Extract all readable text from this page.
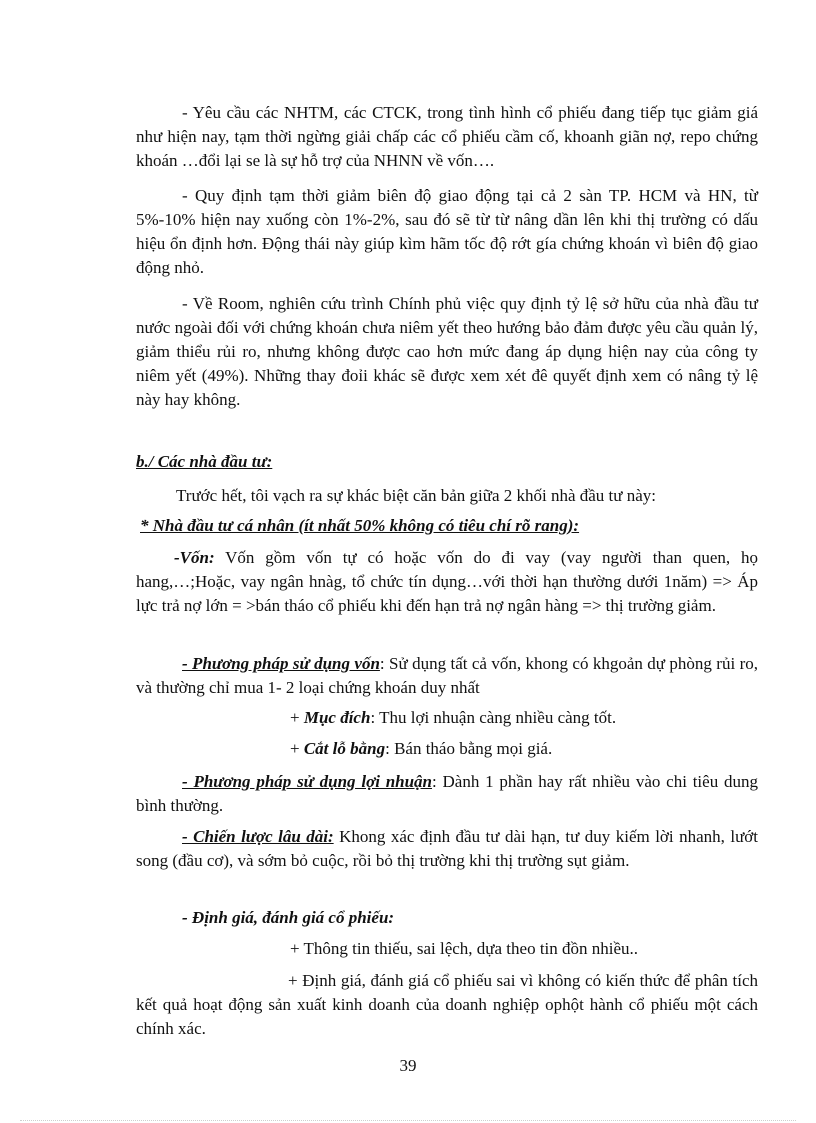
- Yêu cầu các NHTM, các CTCK, trong tình hình cổ phiếu đang tiếp tục giảm giá như hiện nay, tạm thời ngừng giải chấp các cổ phiếu cầm cố, khoanh giãn nợ, repo chứng khoán …đổi lại se là sự hỗ trợ của NHNN về vốn….

- Quy định tạm thời giảm biên độ giao động tại cả 2 sàn TP. HCM và HN, từ 5%-10% hiện nay xuống còn 1%-2%, sau đó sẽ từ từ nâng dần lên khi thị trường có dấu hiệu ổn định hơn. Động thái này giúp kìm hãm tốc độ rớt gía chứng khoán vì biên độ giao động nhỏ.

- Về Room, nghiên cứu trình Chính phủ việc quy định tỷ lệ sở hữu của nhà đầu tư nước ngoài đối với chứng khoán chưa niêm yết theo hướng bảo đảm được yêu cầu quản lý, giảm thiểu rủi ro, nhưng không được cao hơn mức đang áp dụng hiện nay của công ty niêm yết (49%). Những thay đoỉi khác sẽ được xem xét đê quyết định xem có nâng tỷ lệ này hay không.

b./ Các nhà đầu tư:

Trước hết, tôi vạch ra sự khác biệt căn bản giữa 2 khối nhà đầu tư này:

* Nhà đầu tư cá nhân (ít nhất 50% không có tiêu chí rõ rang):

-Vốn: Vốn gồm vốn tự có hoặc vốn do đi vay (vay người than quen, họ hang,…;Hoặc, vay ngân hnàg, tổ chức tín dụng…với thời hạn thường dưới 1năm) => Áp lực trả nợ lớn = >bán tháo cổ phiếu khi đến hạn trả nợ ngân hàng => thị trường giảm.

- Phương pháp sử dụng vốn: Sử dụng tất cả vốn, khong có khgoản dự phòng rủi ro, và thường chỉ mua 1- 2 loại chứng khoán duy nhất

+ Mục đích: Thu lợi nhuận càng nhiều càng tốt.

+ Cắt lỗ bằng: Bán tháo bằng mọi giá.

- Phương pháp sử dụng lợi nhuận: Dành 1 phần hay rất nhiều vào chi tiêu dung bình thường.

- Chiến lược lâu dài: Khong xác định đầu tư dài hạn, tư duy kiếm lời nhanh, lướt song (đầu cơ), và sớm bỏ cuộc, rồi bỏ thị trường khi thị trường sụt giảm.

- Định giá, đánh giá cổ phiếu:

+ Thông tin thiếu, sai lệch, dựa theo tin đồn nhiều..

+ Định giá, đánh giá cổ phiếu sai vì không có kiến thức để phân tích kết quả hoạt động sản xuất kinh doanh của doanh nghiệp ophột hành cổ phiếu một cách chính xác.

39
